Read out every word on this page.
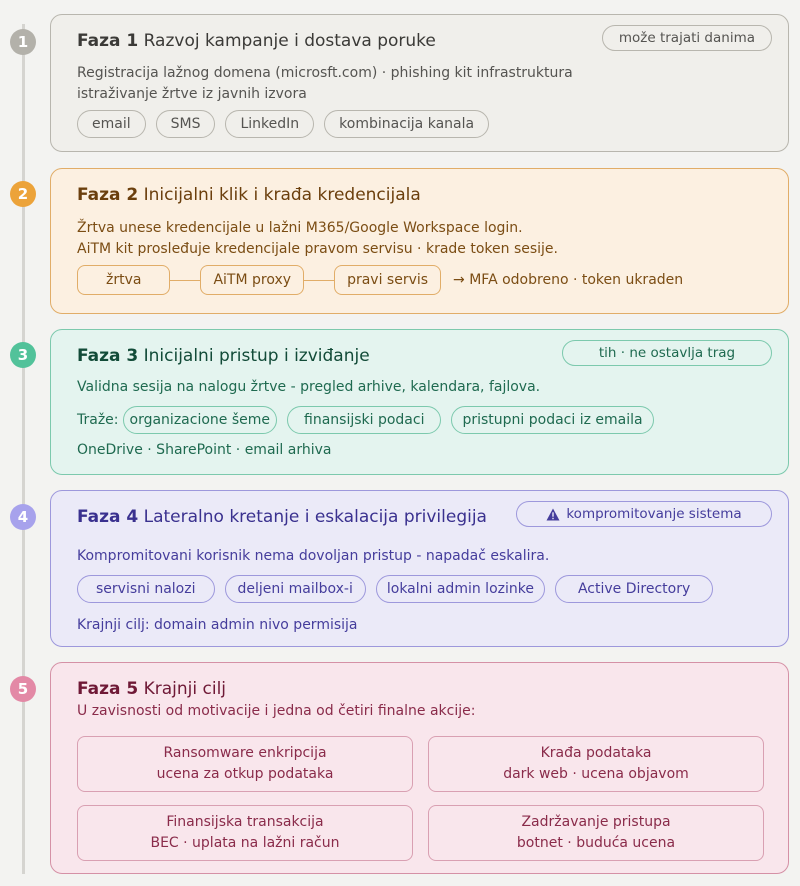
1
2
3
4
5
Faza 1 Razvoj kampanje i dostava poruke	može trajati danima
Registracija lažnog domena (microsft.com) · phishing kit infrastruktura
istraživanje žrtve iz javnih izvora
email	SMS	LinkedIn	kombinacija kanala
Faza 2 Inicijalni klik i krađa kredencijala
Žrtva unese kredencijale u lažni M365/Google Workspace login.
AiTM kit prosleđuje kredencijale pravom servisu · krade token sesije.
žrtva	AiTM proxy	pravi servis	→ MFA odobreno · token ukraden
Faza 3 Inicijalni pristup i izviđanje	tih · ne ostavlja trag
Validna sesija na nalogu žrtve - pregled arhive, kalendara, fajlova.
Traže: organizacione šeme	finansijski podaci	pristupni podaci iz emaila
OneDrive · SharePoint · email arhiva
Faza 4 Lateralno kretanje i eskalacija privilegija	kompromitovanje sistema
Kompromitovani korisnik nema dovoljan pristup - napadač eskalira.
servisni nalozi	deljeni mailbox-i	lokalni admin lozinke	Active Directory
Krajnji cilj: domain admin nivo permisija
Faza 5 Krajnji cilj
U zavisnosti od motivacije i jedna od četiri finalne akcije:
Ransomware enkripcija
ucena za otkup podataka
Krađa podataka
dark web · ucena objavom
Finansijska transakcija
BEC · uplata na lažni račun
Zadržavanje pristupa
botnet · buduća ucena
